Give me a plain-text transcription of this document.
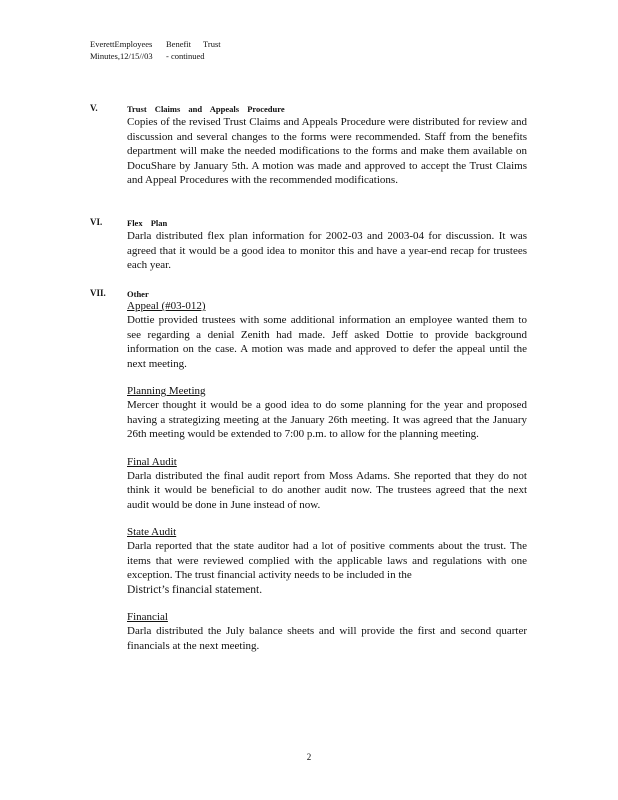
EverettEmployees
Minutes,12/15//03
Benefit Trust
- continued
V.	Trust Claims and Appeals Procedure

Copies of the revised Trust Claims and Appeals Procedure were distributed for review and discussion and several changes to the forms were recommended. Staff from the benefits department will make the needed modifications to the forms and make them available on DocuShare by January 5th. A motion was made and approved to accept the Trust Claims and Appeal Procedures with the recommended modifications.

VI.	Flex Plan

Darla distributed flex plan information for 2002-03 and 2003-04 for discussion. It was agreed that it would be a good idea to monitor this and have a year-end recap for trustees each year.

VII. Other
Appeal (#03-012)

Dottie provided trustees with some additional information an employee wanted them to see regarding a denial Zenith had made. Jeff asked Dottie to provide background information on the case. A motion was made and approved to defer the appeal until the next meeting.

Planning Meeting

Mercer thought it would be a good idea to do some planning for the year and proposed having a strategizing meeting at the January 26th meeting. It was agreed that the January 26th meeting would be extended to 7:00 p.m. to allow for the planning meeting.

Final Audit

Darla distributed the final audit report from Moss Adams. She reported that they do not think it would be beneficial to do another audit now. The trustees agreed that the next audit would be done in June instead of now.

State Audit

Darla reported that the state auditor had a lot of positive comments about the trust. The items that were reviewed complied with the applicable laws and regulations with one exception. The trust financial activity needs to be included in the
District’s financial statement.

Financial

Darla distributed the July balance sheets and will provide the first and second quarter financials at the next meeting.

2
